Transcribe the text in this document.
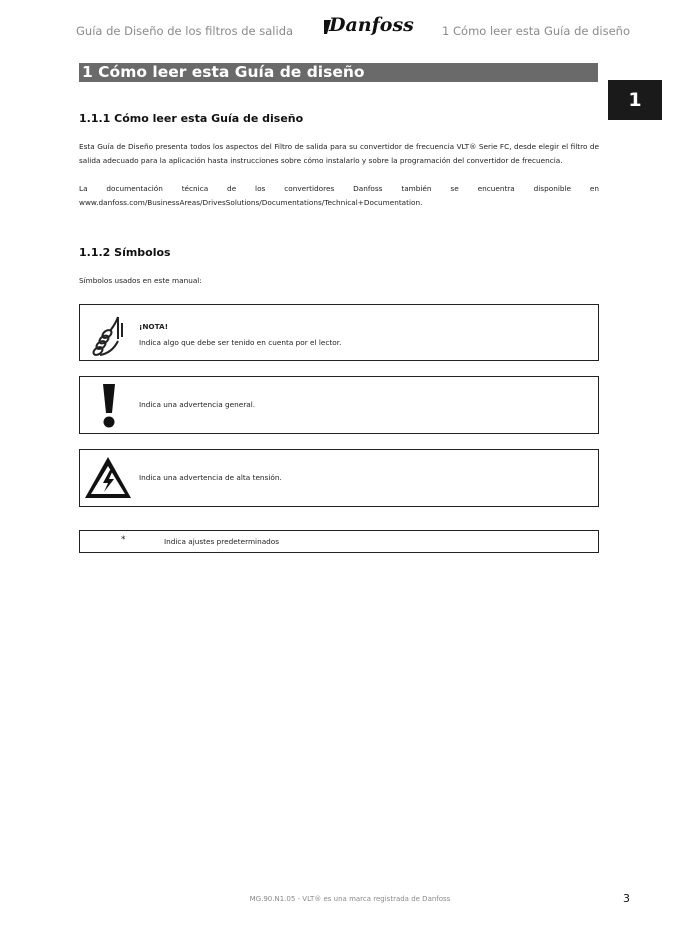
Guía de Diseño de los filtros de salida Danfoss 1 Cómo leer esta Guía de diseño
1 Cómo leer esta Guía de diseño
1
1.1.1 Cómo leer esta Guía de diseño
Esta Guía de Diseño presenta todos los aspectos del Filtro de salida para su convertidor de frecuencia VLT® Serie FC, desde elegir el filtro de salida adecuado para la aplicación hasta instrucciones sobre cómo instalarlo y sobre la programación del convertidor de frecuencia.
La documentación técnica de los convertidores Danfoss también se encuentra disponible en www.danfoss.com/BusinessAreas/DrivesSolutions/Documentations/Technical+Documentation.
1.1.2 Símbolos
Símbolos usados en este manual:
¡NOTA!
Indica algo que debe ser tenido en cuenta por el lector.
Indica una advertencia general.
Indica una advertencia de alta tensión.
*	Indica ajustes predeterminados
MG.90.N1.05 - VLT® es una marca registrada de Danfoss	3
